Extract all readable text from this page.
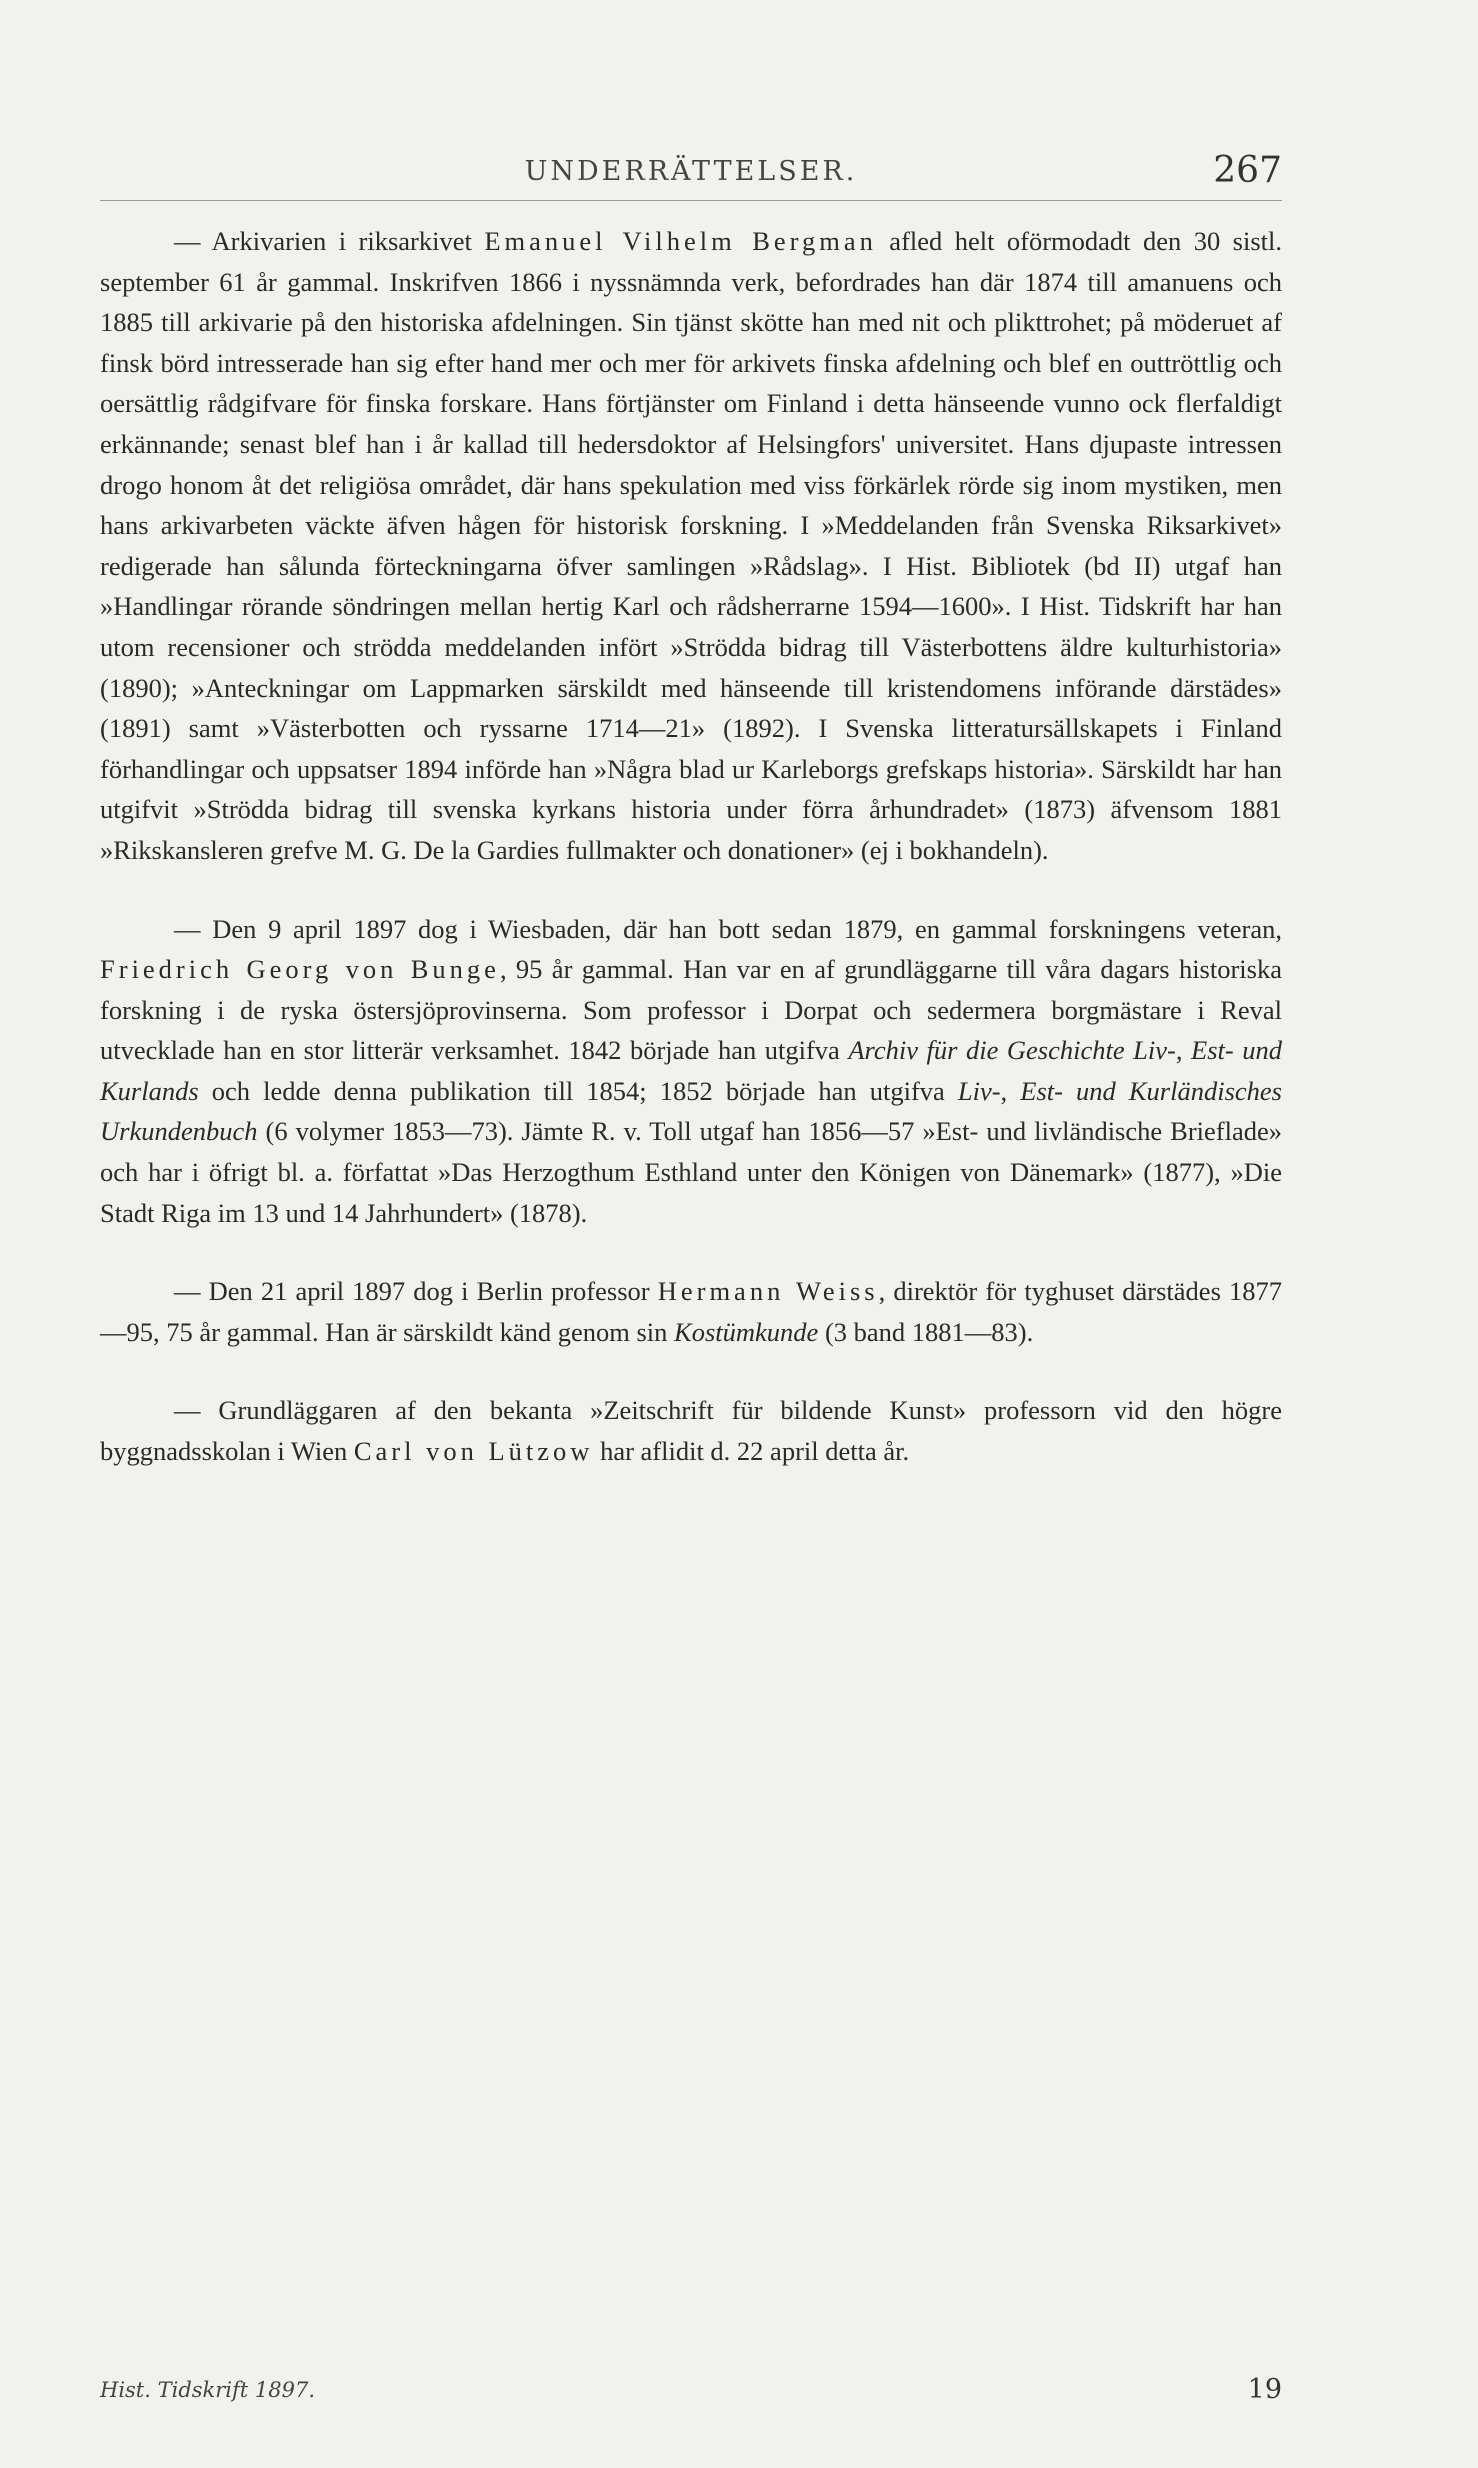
UNDERRÄTTELSER.	267

— Arkivarien i riksarkivet Emanuel Vilhelm Bergman afled helt oförmodadt den 30 sistl. september 61 år gammal. Inskrifven 1866 i nyssnämnda verk, befordrades han där 1874 till amanuens och 1885 till arkivarie på den historiska afdelningen. Sin tjänst skötte han med nit och plikttrohet; på möderuet af finsk börd intresserade han sig efter hand mer och mer för arkivets finska afdelning och blef en outtröttlig och oersättlig rådgifvare för finska forskare. Hans förtjänster om Finland i detta hänseende vunno ock flerfaldigt erkännande; senast blef han i år kallad till hedersdoktor af Helsingfors' universitet. Hans djupaste intressen drogo honom åt det religiösa området, där hans spekulation med viss förkärlek rörde sig inom mystiken, men hans arkivarbeten väckte äfven hågen för historisk forskning. I »Meddelanden från Svenska Riksarkivet» redigerade han sålunda förteckningarna öfver samlingen »Rådslag». I Hist. Bibliotek (bd II) utgaf han »Handlingar rörande söndringen mellan hertig Karl och rådsherrarne 1594—1600». I Hist. Tidskrift har han utom recensioner och strödda meddelanden infört »Strödda bidrag till Västerbottens äldre kulturhistoria» (1890); »Anteckningar om Lappmarken särskildt med hänseende till kristendomens införande därstädes» (1891) samt »Västerbotten och ryssarne 1714—21» (1892). I Svenska litteratursällskapets i Finland förhandlingar och uppsatser 1894 införde han »Några blad ur Karleborgs grefskaps historia». Särskildt har han utgifvit »Strödda bidrag till svenska kyrkans historia under förra århundradet» (1873) äfvensom 1881 »Rikskansleren grefve M. G. De la Gardies fullmakter och donationer» (ej i bokhandeln).

— Den 9 april 1897 dog i Wiesbaden, där han bott sedan 1879, en gammal forskningens veteran, Friedrich Georg von Bunge, 95 år gammal. Han var en af grundläggarne till våra dagars historiska forskning i de ryska östersjöprovinserna. Som professor i Dorpat och sedermera borgmästare i Reval utvecklade han en stor litterär verksamhet. 1842 började han utgifva Archiv für die Geschichte Liv-, Est- und Kurlands och ledde denna publikation till 1854; 1852 började han utgifva Liv-, Est- und Kurländisches Urkundenbuch (6 volymer 1853—73). Jämte R. v. Toll utgaf han 1856—57 »Est- und livländische Brieflade» och har i öfrigt bl. a. författat »Das Herzogthum Esthland unter den Königen von Dänemark» (1877), »Die Stadt Riga im 13 und 14 Jahrhundert» (1878).

— Den 21 april 1897 dog i Berlin professor Hermann Weiss, direktör för tyghuset därstädes 1877—95, 75 år gammal. Han är särskildt känd genom sin Kostümkunde (3 band 1881—83).

— Grundläggaren af den bekanta »Zeitschrift für bildende Kunst» professorn vid den högre byggnadsskolan i Wien Carl von Lützow har aflidit d. 22 april detta år.

Hist. Tidskrift 1897.	19
